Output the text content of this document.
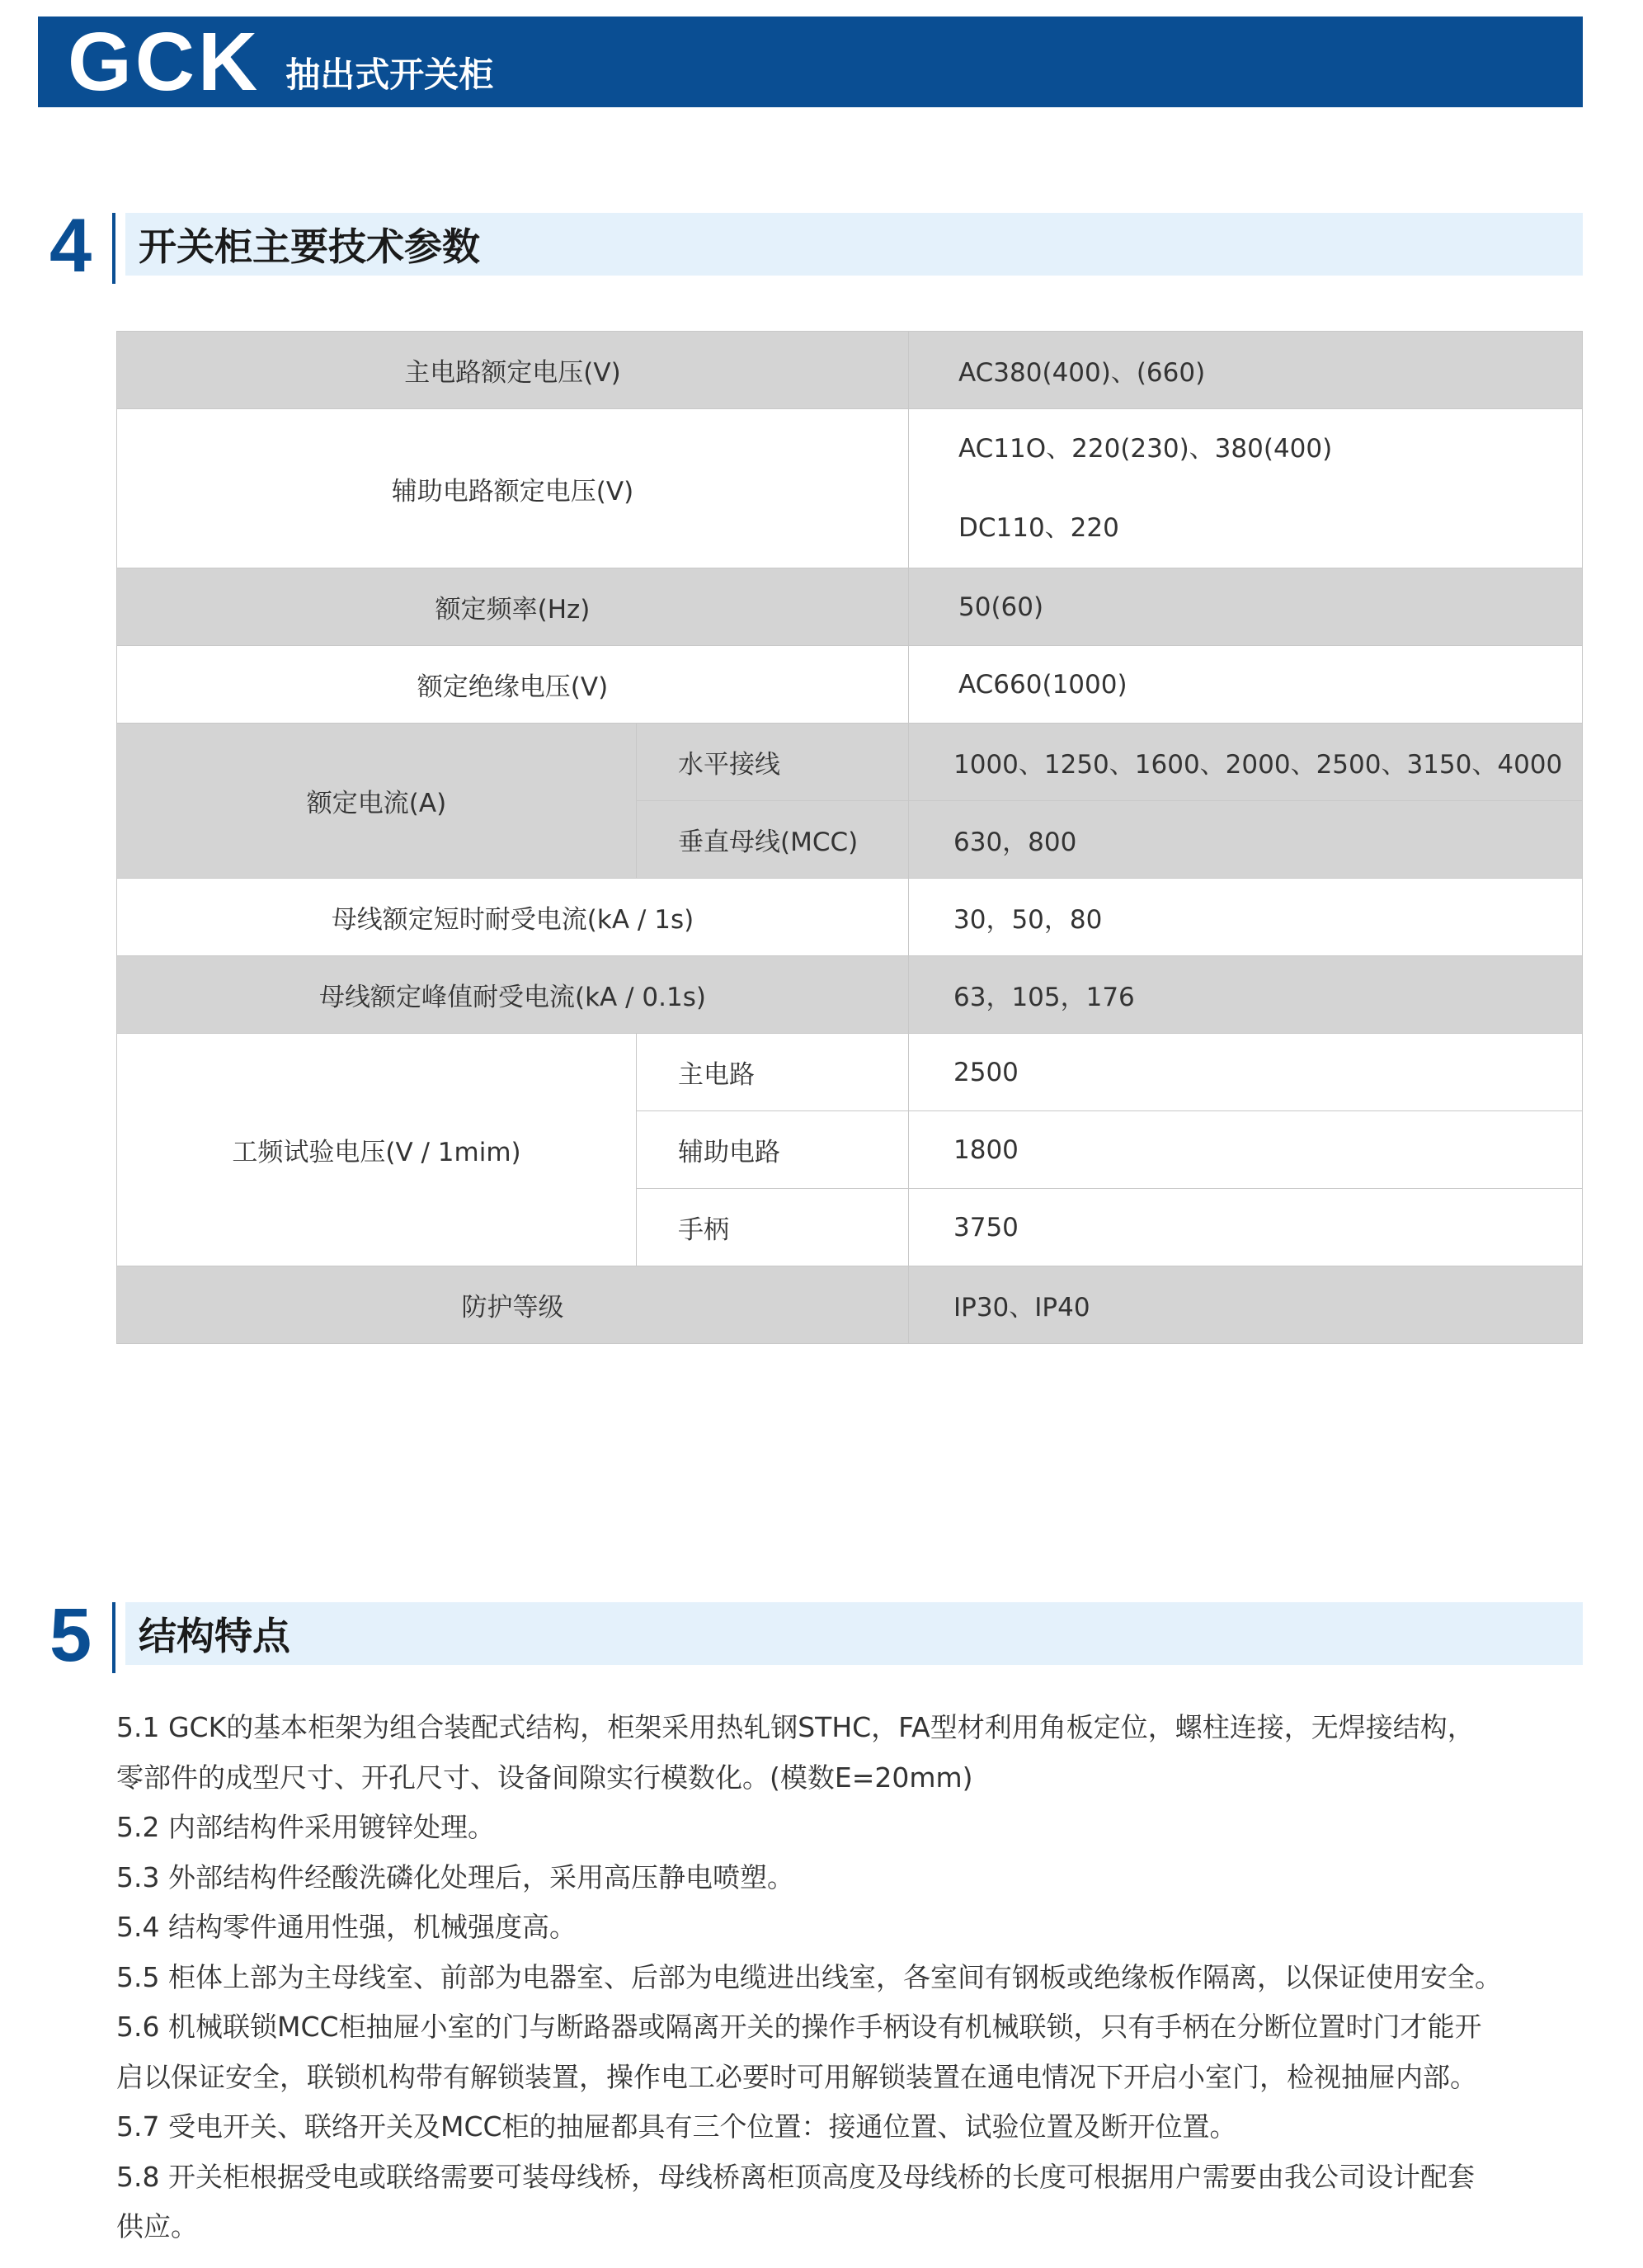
GCK 抽出式开关柜
4 开关柜主要技术参数
主电路额定电压(V)		AC380(400)、(660)
辅助电路额定电压(V)		AC11O、220(230)、380(400)
DC110、220

额定频率(Hz)		50(60)
额定绝缘电压(V)		AC660(1000)
额定电流(A)	水平接线	1000、1250、1600、2000、2500、3150、4000
	垂直母线(MCC)	630，800
母线额定短时耐受电流(kA / 1s)		30，50，80
母线额定峰值耐受电流(kA / 0.1s)		63，105，176
工频试验电压(V / 1mim)	主电路	2500
	辅助电路	1800
	手柄	3750
防护等级		IP30、IP40
5 结构特点

5.1 GCK的基本柜架为组合装配式结构，柜架采用热轧钢STHC，FA型材利用角板定位，螺柱连接，无焊接结构，

零部件的成型尺寸、开孔尺寸、设备间隙实行模数化。(模数E=20mm)

5.2 内部结构件采用镀锌处理。

5.3 外部结构件经酸洗磷化处理后，采用高压静电喷塑。

5.4 结构零件通用性强，机械强度高。

5.5 柜体上部为主母线室、前部为电器室、后部为电缆进出线室，各室间有钢板或绝缘板作隔离，以保证使用安全。

5.6 机械联锁MCC柜抽屉小室的门与断路器或隔离开关的操作手柄设有机械联锁，只有手柄在分断位置时门才能开

启以保证安全，联锁机构带有解锁装置，操作电工必要时可用解锁装置在通电情况下开启小室门，检视抽屉内部。

5.7 受电开关、联络开关及MCC柜的抽屉都具有三个位置：接通位置、试验位置及断开位置。

5.8 开关柜根据受电或联络需要可装母线桥，母线桥离柜顶高度及母线桥的长度可根据用户需要由我公司设计配套

供应。
